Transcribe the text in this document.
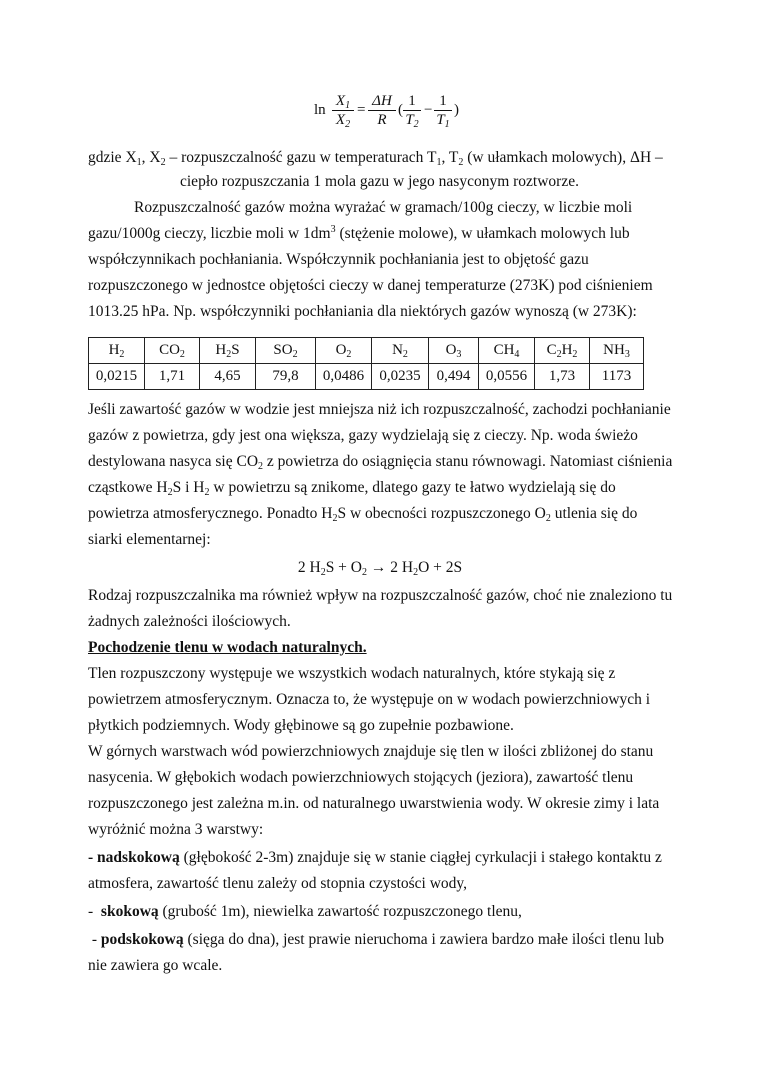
$\ln \frac{X_1}{X_2} = \frac{\Delta H}{R}$ ( $\frac{1}{T_2} - \frac{1}{T_1}$ )
gdzie $X_1$, $X_2$ – rozpuszczalność gazu w temperaturach $T_1$, $T_2$ (w ułamkach molowych), ΔH –
ciepło rozpuszczania 1 mola gazu w jego nasyconym roztworze.
Rozpuszczalność gazów można wyrażać w gramach/100g cieczy, w liczbie moli
gazu/1000g cieczy, liczbie moli w $1dm^3$ (stężenie molowe), w ułamkach molowych lub
współczynnikach pochłaniania. Współczynnik pochłaniania jest to objętość gazu
rozpuszczonego w jednostce objętości cieczy w danej temperaturze (273K) pod ciśnieniem
1013.25 hPa. Np. współczynniki pochłaniania dla niektórych gazów wynoszą (w 273K):
$H_2$	$CO_2$	$H_2S$	$SO_2$	$O_2$	$N_2$	$O_3$	$CH_4$	$C_2H_2$	$NH_3$
0,0215	1,71	4,65	79,8	0,0486	0,0235	0,494	0,0556	1,73	1173
Jeśli zawartość gazów w wodzie jest mniejsza niż ich rozpuszczalność, zachodzi pochłanianie
gazów z powietrza, gdy jest ona większa, gazy wydzielają się z cieczy. Np. woda świeżo
destylowana nasyca się $CO_2$ z powietrza do osiągnięcia stanu równowagi. Natomiast ciśnienia
cząstkowe $H_2S$ i $H_2$ w powietrzu są znikome, dlatego gazy te łatwo wydzielają się do
powietrza atmosferycznego. Ponadto $H_2S$ w obecności rozpuszczonego $O_2$ utlenia się do
siarki elementarnej:
2 $H_2S + O_2 \to 2$ $H_2O + 2S$
Rodzaj rozpuszczalnika ma również wpływ na rozpuszczalność gazów, choć nie znaleziono tu
żadnych zależności ilościowych.
Pochodzenie tlenu w wodach naturalnych.
Tlen rozpuszczony występuje we wszystkich wodach naturalnych, które stykają się z
powietrzem atmosferycznym. Oznacza to, że występuje on w wodach powierzchniowych i
płytkich podziemnych. Wody głębinowe są go zupełnie pozbawione.
W górnych warstwach wód powierzchniowych znajduje się tlen w ilości zbliżonej do stanu
nasycenia. W głębokich wodach powierzchniowych stojących (jeziora), zawartość tlenu
rozpuszczonego jest zależna m.in. od naturalnego uwarstwienia wody. W okresie zimy i lata
wyróżnić można 3 warstwy:
- nadskokową (głębokość 2-3m) znajduje się w stanie ciągłej cyrkulacji i stałego kontaktu z
atmosfera, zawartość tlenu zależy od stopnia czystości wody,
-  skokową (grubość 1m), niewielka zawartość rozpuszczonego tlenu,
- podskokową (sięga do dna), jest prawie nieruchoma i zawiera bardzo małe ilości tlenu lub
nie zawiera go wcale.
